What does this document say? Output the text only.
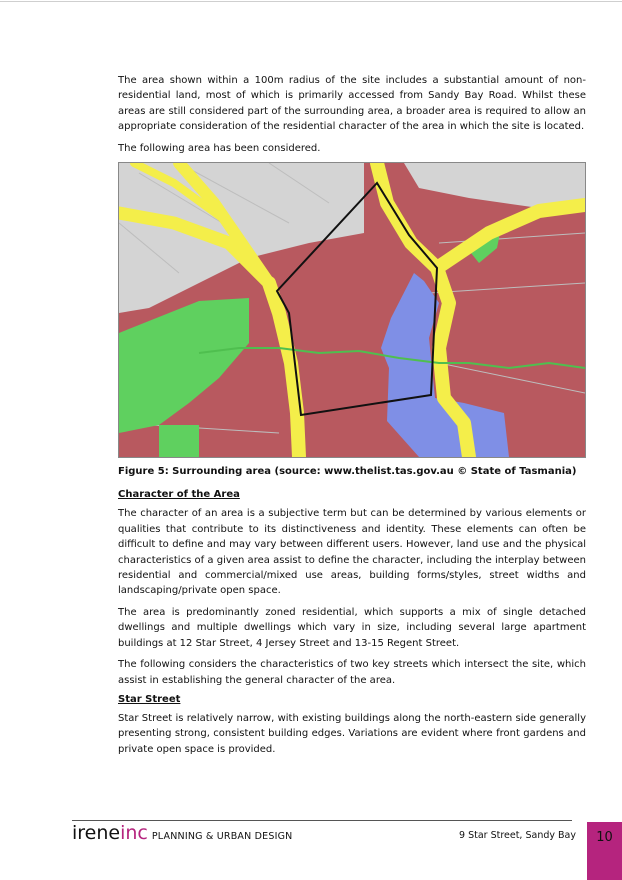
The area shown within a 100m radius of the site includes a substantial amount of non-residential land, most of which is primarily accessed from Sandy Bay Road. Whilst these areas are still considered part of the surrounding area, a broader area is required to allow an appropriate consideration of the residential character of the area in which the site is located.

The following area has been considered.

Figure 5: Surrounding area (source: www.thelist.tas.gov.au © State of Tasmania)

Character of the Area

The character of an area is a subjective term but can be determined by various elements or qualities that contribute to its distinctiveness and identity. These elements can often be difficult to define and may vary between different users. However, land use and the physical characteristics of a given area assist to define the character, including the interplay between residential and commercial/mixed use areas, building forms/styles, street widths and landscaping/private open space.

The area is predominantly zoned residential, which supports a mix of single detached dwellings and multiple dwellings which vary in size, including several large apartment buildings at 12 Star Street, 4 Jersey Street and 13-15 Regent Street.

The following considers the characteristics of two key streets which intersect the site, which assist in establishing the general character of the area.

Star Street

Star Street is relatively narrow, with existing buildings along the north-eastern side generally presenting strong, consistent building edges. Variations are evident where front gardens and private open space is provided.

ireneinc PLANNING & URBAN DESIGN	9 Star Street, Sandy Bay	10
